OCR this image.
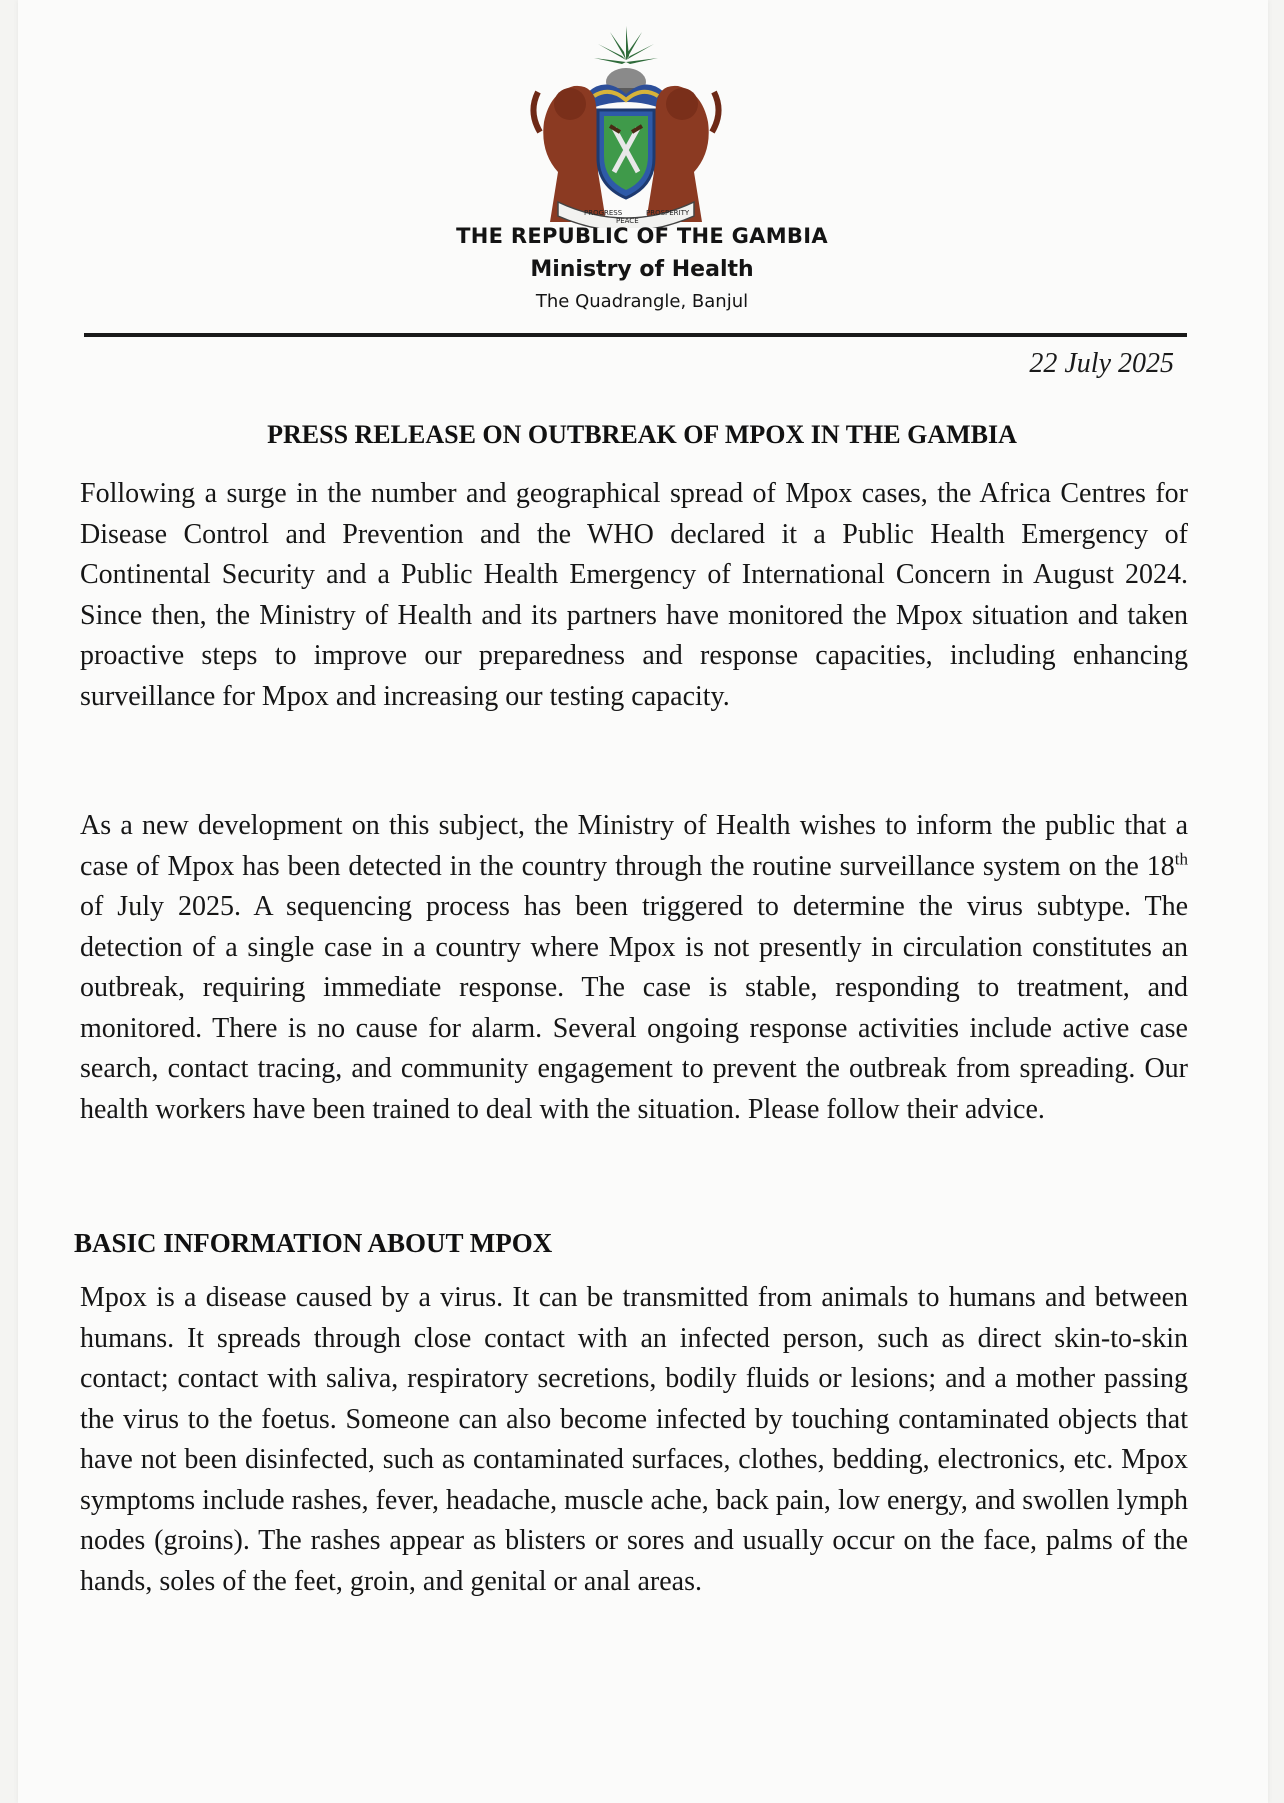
PROGRESS
PEACE
PROSPERITY
THE REPUBLIC OF THE GAMBIA
Ministry of Health
The Quadrangle, Banjul
22 July 2025
PRESS RELEASE ON OUTBREAK OF MPOX IN THE GAMBIA

Following a surge in the number and geographical spread of Mpox cases, the Africa Centres for Disease Control and Prevention and the WHO declared it a Public Health Emergency of Continental Security and a Public Health Emergency of International Concern in August 2024. Since then, the Ministry of Health and its partners have monitored the Mpox situation and taken proactive steps to improve our preparedness and response capacities, including enhancing surveillance for Mpox and increasing our testing capacity.

As a new development on this subject, the Ministry of Health wishes to inform the public that a case of Mpox has been detected in the country through the routine surveillance system on the 18th of July 2025. A sequencing process has been triggered to determine the virus subtype. The detection of a single case in a country where Mpox is not presently in circulation constitutes an outbreak, requiring immediate response. The case is stable, responding to treatment, and monitored. There is no cause for alarm. Several ongoing response activities include active case search, contact tracing, and community engagement to prevent the outbreak from spreading. Our health workers have been trained to deal with the situation. Please follow their advice.

BASIC INFORMATION ABOUT MPOX

Mpox is a disease caused by a virus. It can be transmitted from animals to humans and between humans. It spreads through close contact with an infected person, such as direct skin-to-skin contact; contact with saliva, respiratory secretions, bodily fluids or lesions; and a mother passing the virus to the foetus. Someone can also become infected by touching contaminated objects that have not been disinfected, such as contaminated surfaces, clothes, bedding, electronics, etc. Mpox symptoms include rashes, fever, headache, muscle ache, back pain, low energy, and swollen lymph nodes (groins). The rashes appear as blisters or sores and usually occur on the face, palms of the hands, soles of the feet, groin, and genital or anal areas.
